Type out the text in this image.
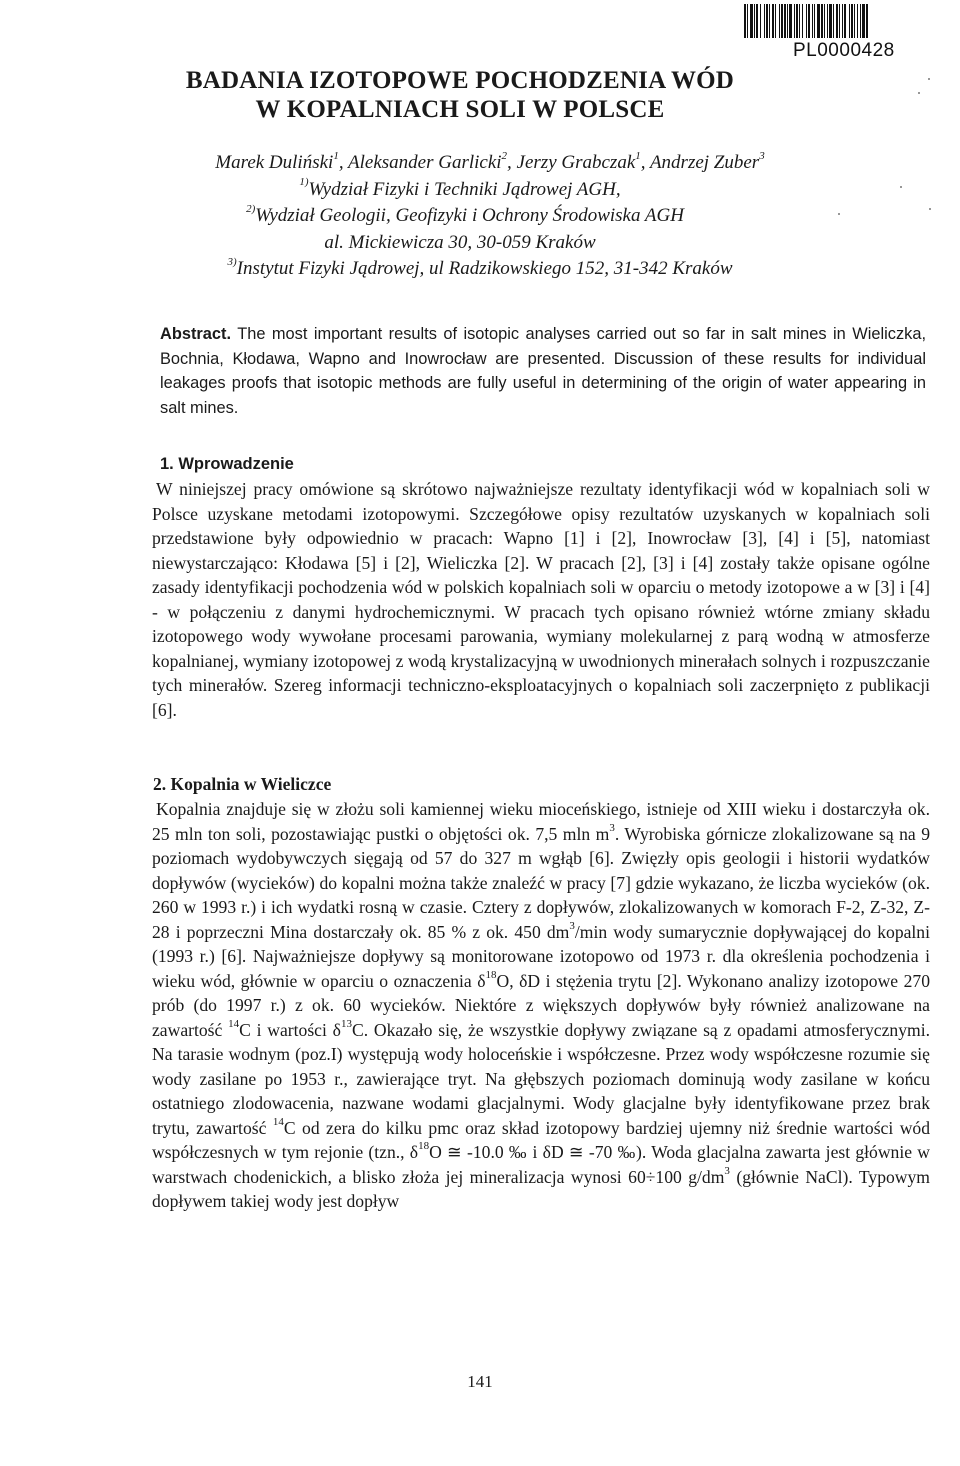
PL0000428
BADANIA IZOTOPOWE POCHODZENIA WÓD
W KOPALNIACH SOLI W POLSCE
Marek Duliński$^1$, Aleksander Garlicki$^2$, Jerzy Grabczak$^1$, Andrzej Zuber$^3$
$^{1)}$Wydział Fizyki i Techniki Jądrowej AGH,
$^{2)}$Wydział Geologii, Geofizyki i Ochrony Środowiska AGH
al. Mickiewicza 30, 30-059 Kraków
$^{3)}$Instytut Fizyki Jądrowej, ul Radzikowskiego 152, 31-342 Kraków
Abstract. The most important results of isotopic analyses carried out so far in salt mines in Wieliczka, Bochnia, Kłodawa, Wapno and Inowrocław are presented. Discussion of these results for individual leakages proofs that isotopic methods are fully useful in determining of the origin of water appearing in salt mines.
1. Wprowadzenie

W niniejszej pracy omówione są skrótowo najważniejsze rezultaty identyfikacji wód w kopalniach soli w Polsce uzyskane metodami izotopowymi. Szczegółowe opisy rezultatów uzyskanych w kopalniach soli przedstawione były odpowiednio w pracach: Wapno [1] i [2], Inowrocław [3], [4] i [5], natomiast niewystarczająco: Kłodawa [5] i [2], Wieliczka [2]. W pracach [2], [3] i [4] zostały także opisane ogólne zasady identyfikacji pochodzenia wód w polskich kopalniach soli w oparciu o metody izotopowe a w [3] i [4] - w połączeniu z danymi hydrochemicznymi. W pracach tych opisano również wtórne zmiany składu izotopowego wody wywołane procesami parowania, wymiany molekularnej z parą wodną w atmosferze kopalnianej, wymiany izotopowej z wodą krystalizacyjną w uwodnionych minerałach solnych i rozpuszczanie tych minerałów. Szereg informacji techniczno-eksploatacyjnych o kopalniach soli zaczerpnięto z publikacji [6].

2. Kopalnia w Wieliczce

Kopalnia znajduje się w złożu soli kamiennej wieku mioceńskiego, istnieje od XIII wieku i dostarczyła ok. 25 mln ton soli, pozostawiając pustki o objętości ok. 7,5 mln $m^3$. Wyrobiska górnicze zlokalizowane są na 9 poziomach wydobywczych sięgają od 57 do 327 m wgłąb [6]. Zwięzły opis geologii i historii wydatków dopływów (wycieków) do kopalni można także znaleźć w pracy [7] gdzie wykazano, że liczba wycieków (ok. 260 w 1993 r.) i ich wydatki rosną w czasie. Cztery z dopływów, zlokalizowanych w komorach F-2, Z-32, Z-28 i poprzeczni Mina dostarczały ok. 85 % z ok. 450 $dm^3/\min$ wody sumarycznie dopływającej do kopalni (1993 r.) [6]. Najważniejsze dopływy są monitorowane izotopowo od 1973 r. dla określenia pochodzenia i wieku wód, głównie w oparciu o oznaczenia $\delta^{18}O$, δD i stężenia trytu [2]. Wykonano analizy izotopowe 270 prób (do 1997 r.) z ok. 60 wycieków. Niektóre z większych dopływów były również analizowane na zawartość $^{14}$C i wartości $\delta^{13}C$. Okazało się, że wszystkie dopływy związane są z opadami atmosferycznymi. Na tarasie wodnym (poz.I) występują wody holoceńskie i współczesne. Przez wody współczesne rozumie się wody zasilane po 1953 r., zawierające tryt. Na głębszych poziomach dominują wody zasilane w końcu ostatniego zlodowacenia, nazwane wodami glacjalnymi. Wody glacjalne były identyfikowane przez brak trytu, zawartość $^{14}$C od zera do kilku pmc oraz skład izotopowy bardziej ujemny niż średnie wartości wód współczesnych w tym rejonie (tzn., $\delta^{18}O$ ≅ -10.0 ‰ i δD ≅ -70 ‰). Woda glacjalna zawarta jest głównie w warstwach chodenickich, a blisko złoża jej mineralizacja wynosi 60÷100 $g/dm^3$ (głównie NaCl). Typowym dopływem takiej wody jest dopływ

141
